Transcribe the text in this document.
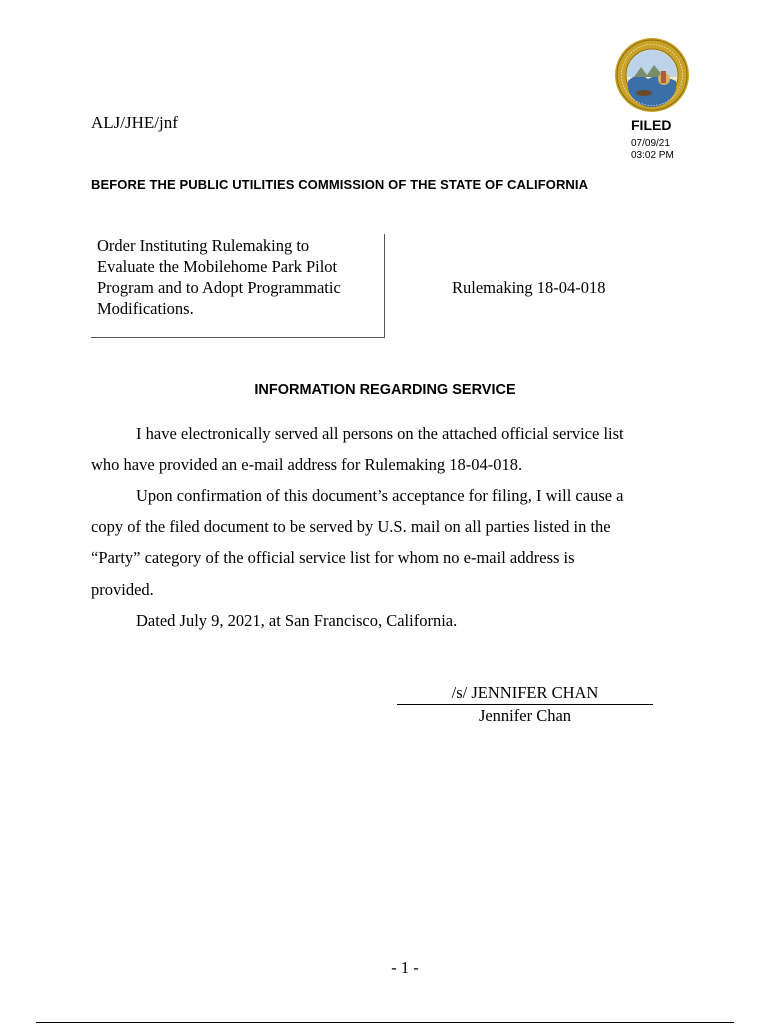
ALJ/JHE/jnf	FILED
07/09/21
03:02 PM
BEFORE THE PUBLIC UTILITIES COMMISSION OF THE STATE OF CALIFORNIA
Order Instituting Rulemaking to
Evaluate the Mobilehome Park Pilot
Program and to Adopt Programmatic
Modifications.
Rulemaking 18-04-018
INFORMATION REGARDING SERVICE
I have electronically served all persons on the attached official service list
who have provided an e-mail address for Rulemaking 18-04-018.
Upon confirmation of this document’s acceptance for filing, I will cause a
copy of the filed document to be served by U.S. mail on all parties listed in the
“Party” category of the official service list for whom no e-mail address is
provided.
Dated July 9, 2021, at San Francisco, California.
/s/ JENNIFER CHAN
Jennifer Chan
- 1 -
